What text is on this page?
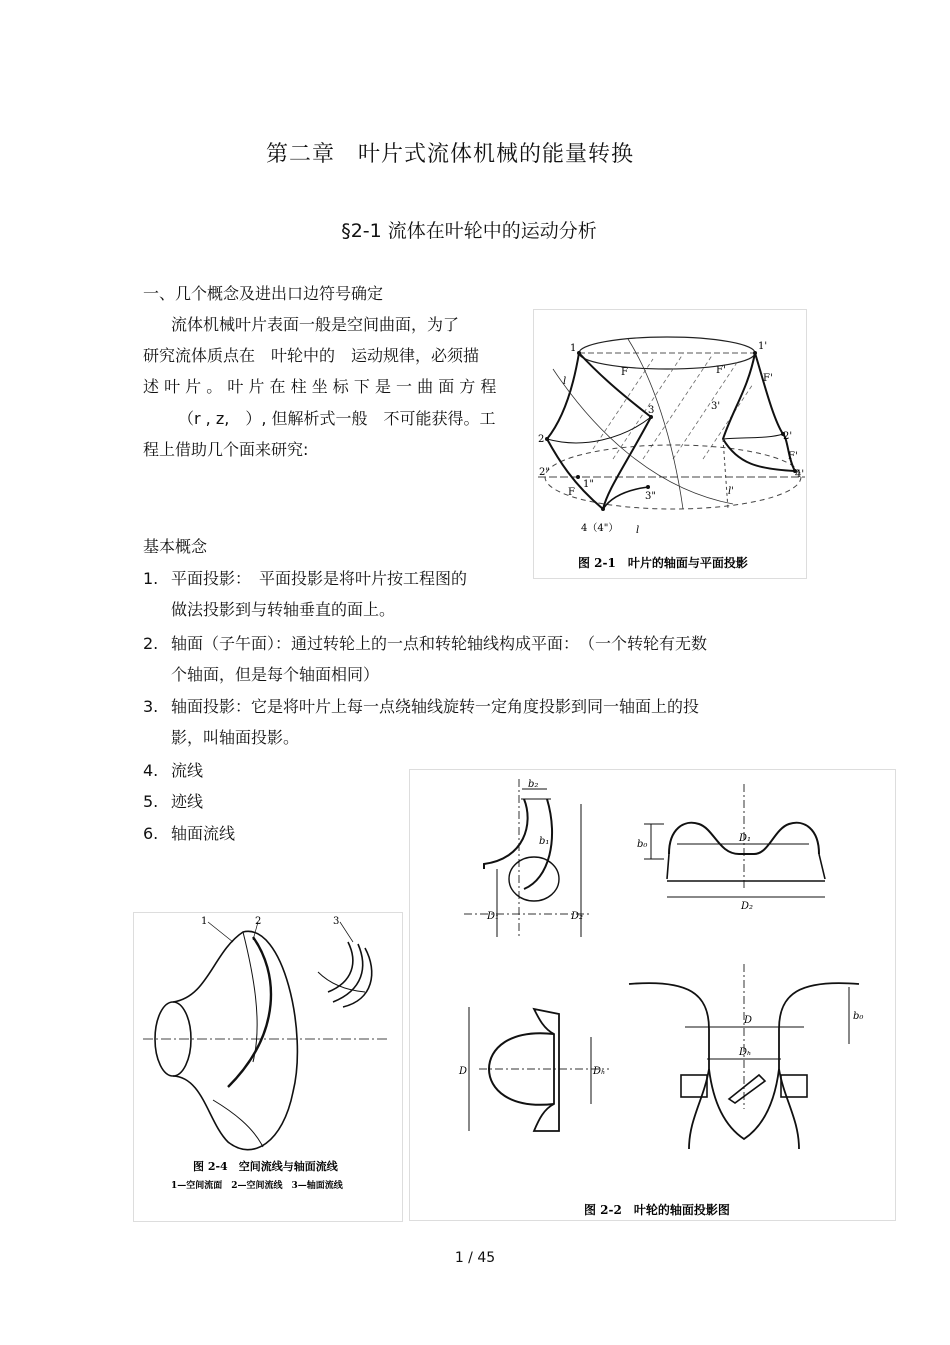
第二章　叶片式流体机械的能量转换
§2-1 流体在叶轮中的运动分析
一、几个概念及进出口边符号确定
流体机械叶片表面一般是空间曲面，为了
研究流体质点在　叶轮中的　运动规律，必须描
述 叶 片 。 叶 片 在 柱 坐 标 下 是 一 曲 面 方 程
（r , z,　）, 但解析式一般　不可能获得。工
程上借助几个面来研究:
基本概念
1. 平面投影：　平面投影是将叶片按工程图的
做法投影到与转轴垂直的面上。
2. 轴面（子午面）：通过转轮上的一点和转轮轴线构成平面：　（一个转轮有无数
个轴面，但是每个轴面相同）
3. 轴面投影：它是将叶片上每一点绕轴线旋转一定角度投影到同一轴面上的投
影，叫轴面投影。
4. 流线
5. 迹线
6. 轴面流线
1	1'
F	F'
F'
3	3'
2	2'
2"
F
1"
3"
4（4"）
4'
l
l'
F'
l
图 2-1　叶片的轴面与平面投影
b₂
b₁
D₁	D₂
b₀
D₁
D₂
D	Dₕ
D
Dₕ
b₀
图 2-2　叶轮的轴面投影图
1	2	3
图 2-4　空间流线与轴面流线
1—空间流面　2—空间流线　3—轴面流线
1 / 45
